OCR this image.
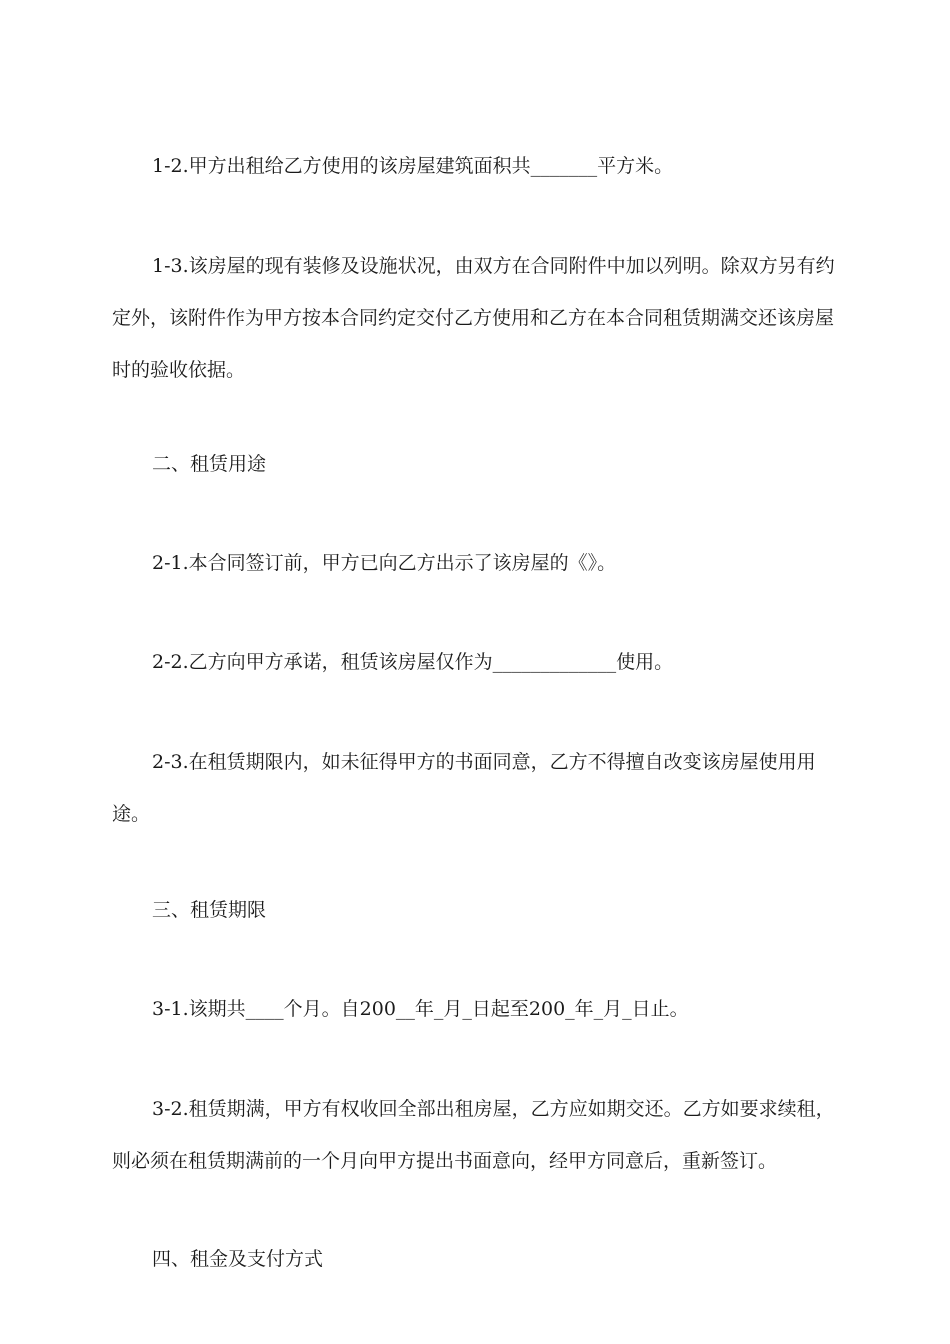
1-2.甲方出租给乙方使用的该房屋建筑面积共_______平方米。
1-3.该房屋的现有装修及设施状况，由双方在合同附件中加以列明。除双方另有约定外，该附件作为甲方按本合同约定交付乙方使用和乙方在本合同租赁期满交还该房屋时的验收依据。
二、租赁用途
2-1.本合同签订前，甲方已向乙方出示了该房屋的《》。
2-2.乙方向甲方承诺，租赁该房屋仅作为_____________使用。
2-3.在租赁期限内，如未征得甲方的书面同意，乙方不得擅自改变该房屋使用用途。
三、租赁期限
3-1.该期共____个月。自200__年_月_日起至200_年_月_日止。
3-2.租赁期满，甲方有权收回全部出租房屋，乙方应如期交还。乙方如要求续租，则必须在租赁期满前的一个月向甲方提出书面意向，经甲方同意后，重新签订。
四、租金及支付方式
